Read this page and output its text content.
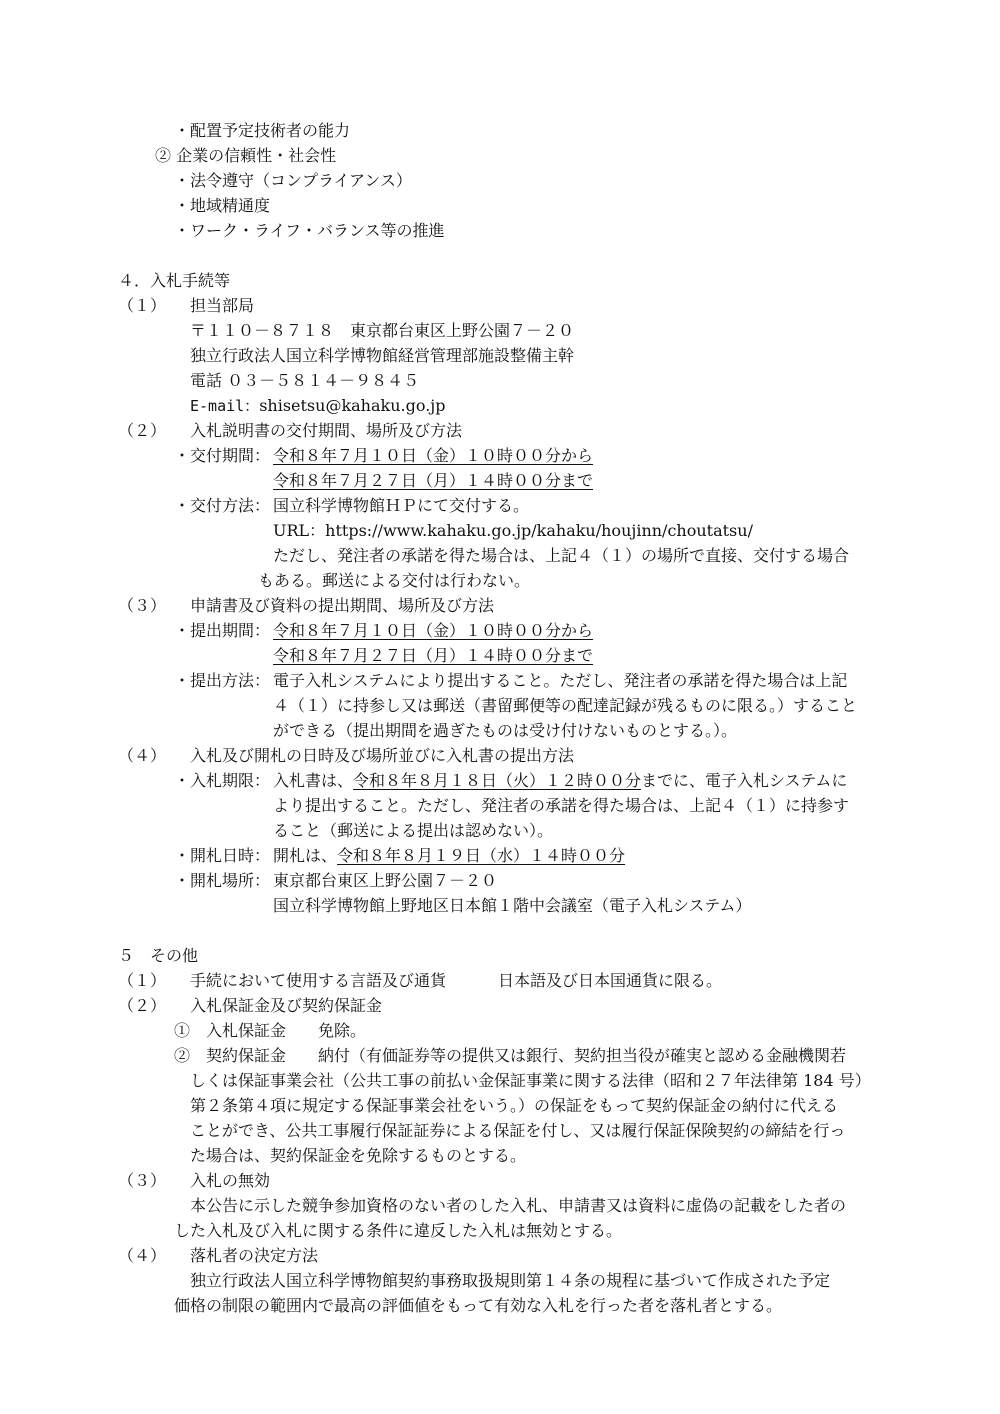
・配置予定技術者の能力
② 企業の信頼性・社会性
・法令遵守（コンプライアンス）
・地域精通度
・ワーク・ライフ・バランス等の推進
４．入札手続等
（１） 担当部局
〒１１０－８７１８　東京都台東区上野公園７－２０
独立行政法人国立科学博物館経営管理部施設整備主幹
電話 ０３－５８１４－９８４５
E-mail：shisetsu@kahaku.go.jp
（２） 入札説明書の交付期間、場所及び方法
・交付期間： 令和８年７月１０日（金）１０時００分から
令和８年７月２７日（月）１４時００分まで
・交付方法： 国立科学博物館ＨＰにて交付する。
URL：https://www.kahaku.go.jp/kahaku/houjinn/choutatsu/
ただし、発注者の承諾を得た場合は、上記４（１）の場所で直接、交付する場合
もある。郵送による交付は行わない。
（３） 申請書及び資料の提出期間、場所及び方法
・提出期間： 令和８年７月１０日（金）１０時００分から
令和８年７月２７日（月）１４時００分まで
・提出方法： 電子入札システムにより提出すること。ただし、発注者の承諾を得た場合は上記
４（１）に持参し又は郵送（書留郵便等の配達記録が残るものに限る。）すること
ができる（提出期間を過ぎたものは受け付けないものとする。）。
（４） 入札及び開札の日時及び場所並びに入札書の提出方法
・入札期限： 入札書は、令和８年８月１８日（火）１２時００分までに、電子入札システムに
より提出すること。ただし、発注者の承諾を得た場合は、上記４（１）に持参す
ること（郵送による提出は認めない）。
・開札日時： 開札は、令和８年８月１９日（水）１４時００分
・開札場所： 東京都台東区上野公園７－２０
国立科学博物館上野地区日本館１階中会議室（電子入札システム）
５　その他
（１） 手続において使用する言語及び通貨	日本語及び日本国通貨に限る。
（２） 入札保証金及び契約保証金
①　入札保証金　　免除。
②　契約保証金　　納付（有価証券等の提供又は銀行、契約担当役が確実と認める金融機関若
しくは保証事業会社（公共工事の前払い金保証事業に関する法律（昭和２７年法律第 184 号）
第２条第４項に規定する保証事業会社をいう。）の保証をもって契約保証金の納付に代える
ことができ、公共工事履行保証証券による保証を付し、又は履行保証保険契約の締結を行っ
た場合は、契約保証金を免除するものとする。
（３） 入札の無効
本公告に示した競争参加資格のない者のした入札、申請書又は資料に虚偽の記載をした者の
した入札及び入札に関する条件に違反した入札は無効とする。
（４） 落札者の決定方法
独立行政法人国立科学博物館契約事務取扱規則第１４条の規程に基づいて作成された予定
価格の制限の範囲内で最高の評価値をもって有効な入札を行った者を落札者とする。
